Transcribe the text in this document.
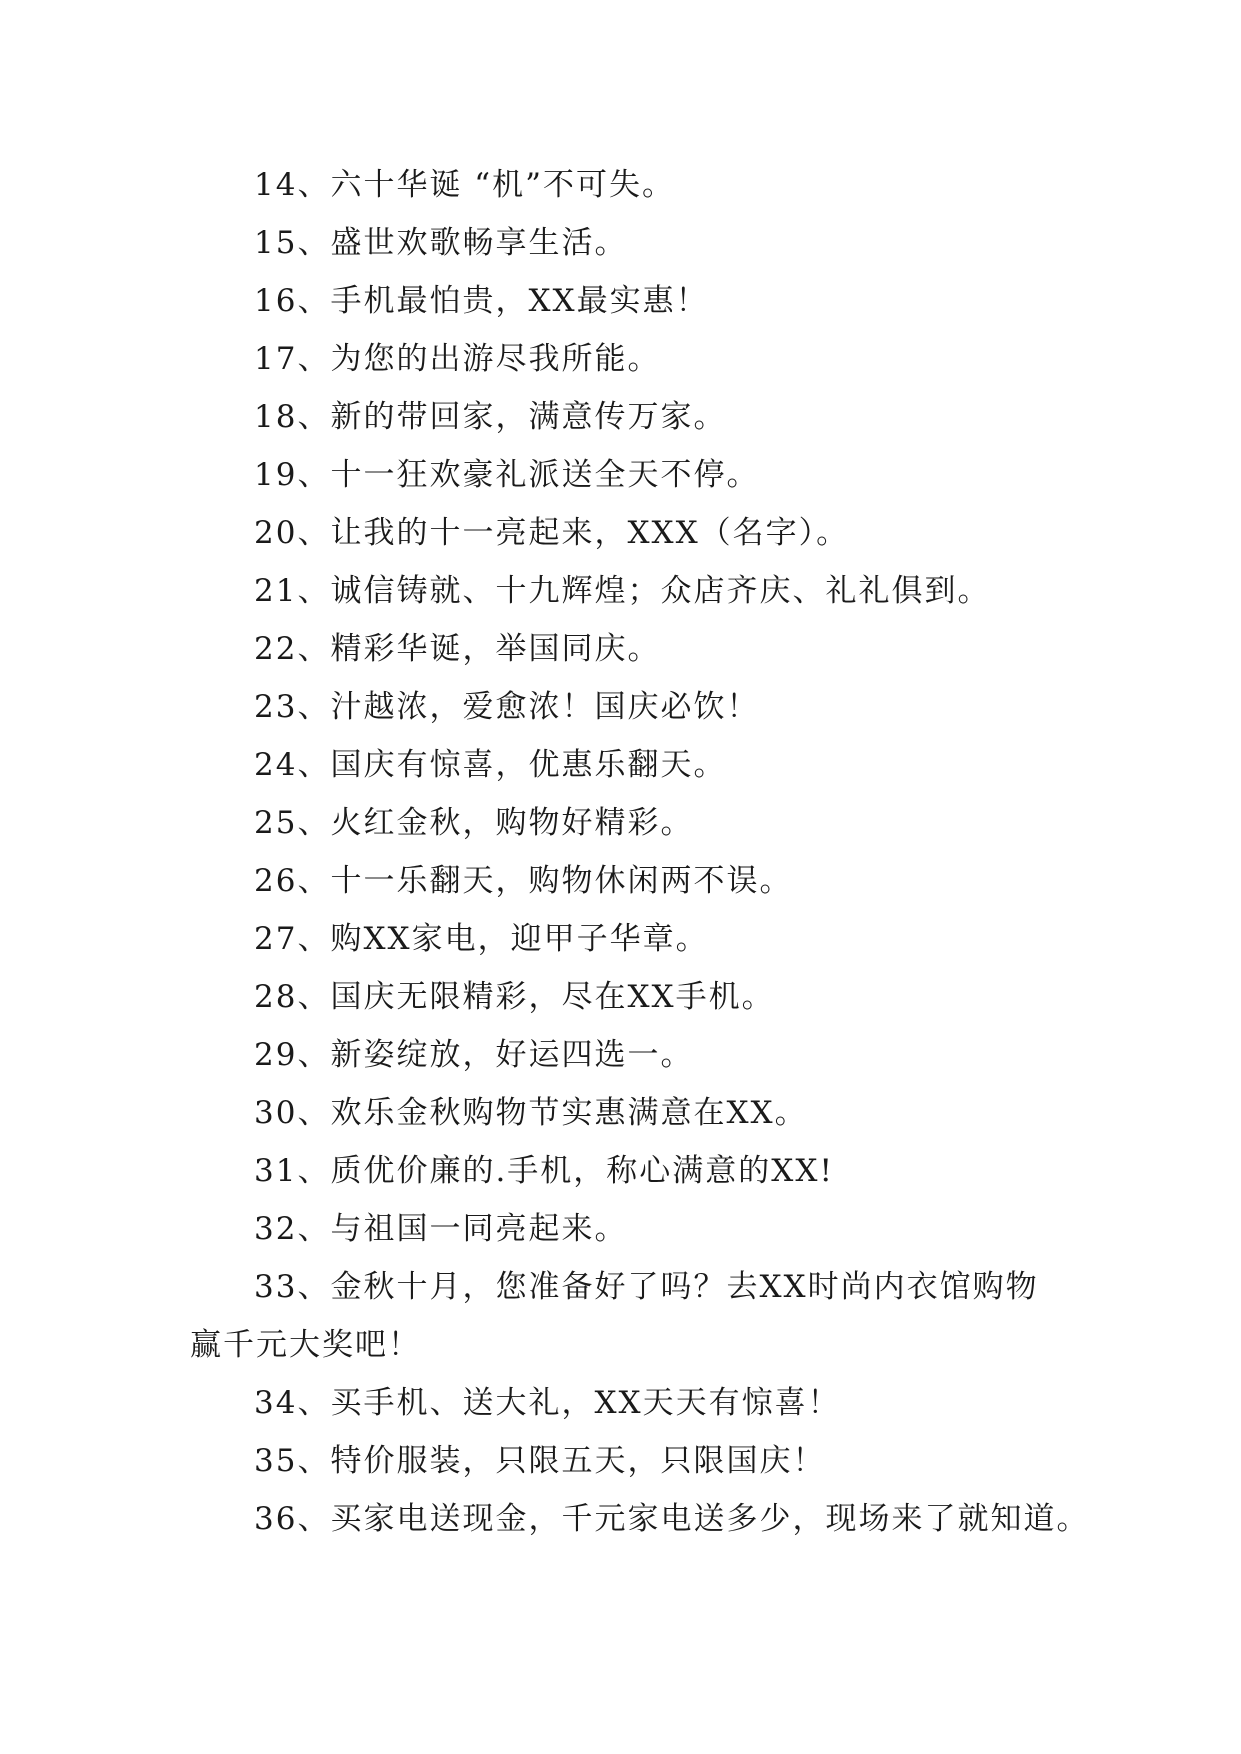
14、六十华诞 “机”不可失。

15、盛世欢歌畅享生活。

16、手机最怕贵，XX最实惠！

17、为您的出游尽我所能。

18、新的带回家，满意传万家。

19、十一狂欢豪礼派送全天不停。

20、让我的十一亮起来，XXX（名字）。

21、诚信铸就、十九辉煌；众店齐庆、礼礼俱到。

22、精彩华诞，举国同庆。

23、汁越浓，爱愈浓！国庆必饮！

24、国庆有惊喜，优惠乐翻天。

25、火红金秋，购物好精彩。

26、十一乐翻天，购物休闲两不误。

27、购XX家电，迎甲子华章。

28、国庆无限精彩，尽在XX手机。

29、新姿绽放，好运四选一。

30、欢乐金秋购物节实惠满意在XX。

31、质优价廉的.手机，称心满意的XX!

32、与祖国一同亮起来。

33、金秋十月，您准备好了吗？去XX时尚内衣馆购物赢千元大奖吧！

34、买手机、送大礼，XX天天有惊喜！

35、特价服装，只限五天，只限国庆！

36、买家电送现金，千元家电送多少，现场来了就知道。
